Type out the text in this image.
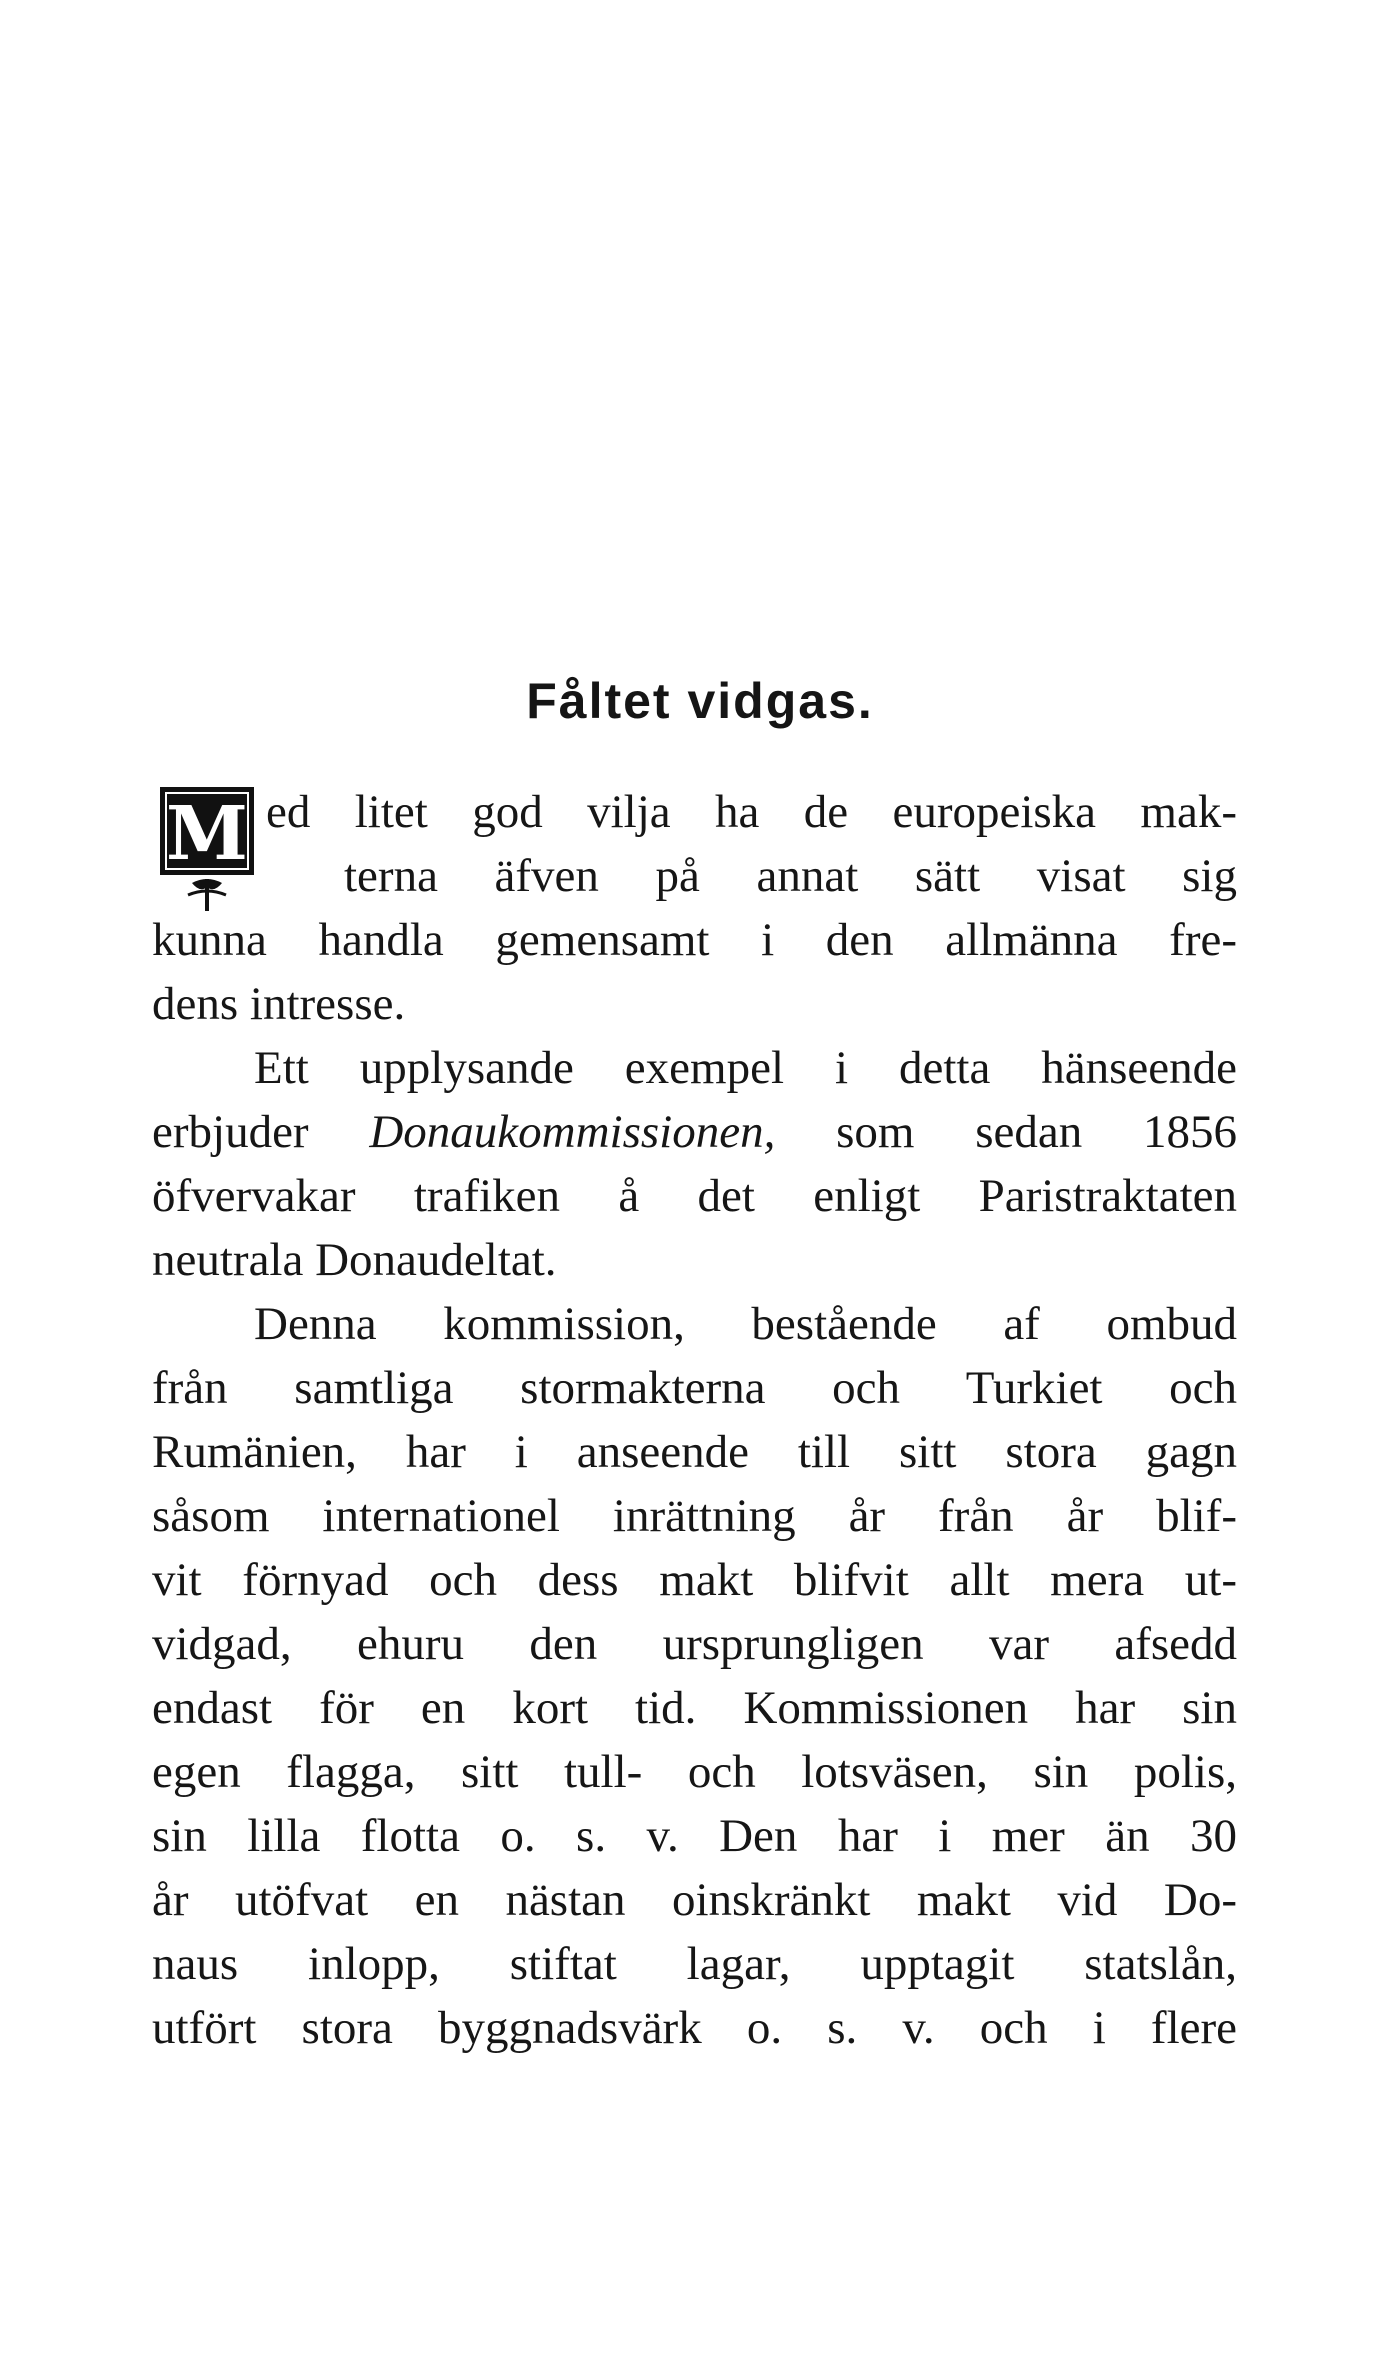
Fåltet vidgas.
M ed litet god vilja ha de europeiska mak-
terna äfven på annat sätt visat sig
kunna handla gemensamt i den allmänna fre-
dens intresse.
Ett upplysande exempel i detta hänseende
erbjuder Donaukommissionen, som sedan 1856
öfvervakar trafiken å det enligt Paristraktaten
neutrala Donaudeltat.
Denna kommission, bestående af ombud
från samtliga stormakterna och Turkiet och
Rumänien, har i anseende till sitt stora gagn
såsom internationel inrättning år från år blif-
vit förnyad och dess makt blifvit allt mera ut-
vidgad, ehuru den ursprungligen var afsedd
endast för en kort tid. Kommissionen har sin
egen flagga, sitt tull- och lotsväsen, sin polis,
sin lilla flotta o. s. v. Den har i mer än 30
år utöfvat en nästan oinskränkt makt vid Do-
naus inlopp, stiftat lagar, upptagit statslån,
utfört stora byggnadsvärk o. s. v. och i flere
